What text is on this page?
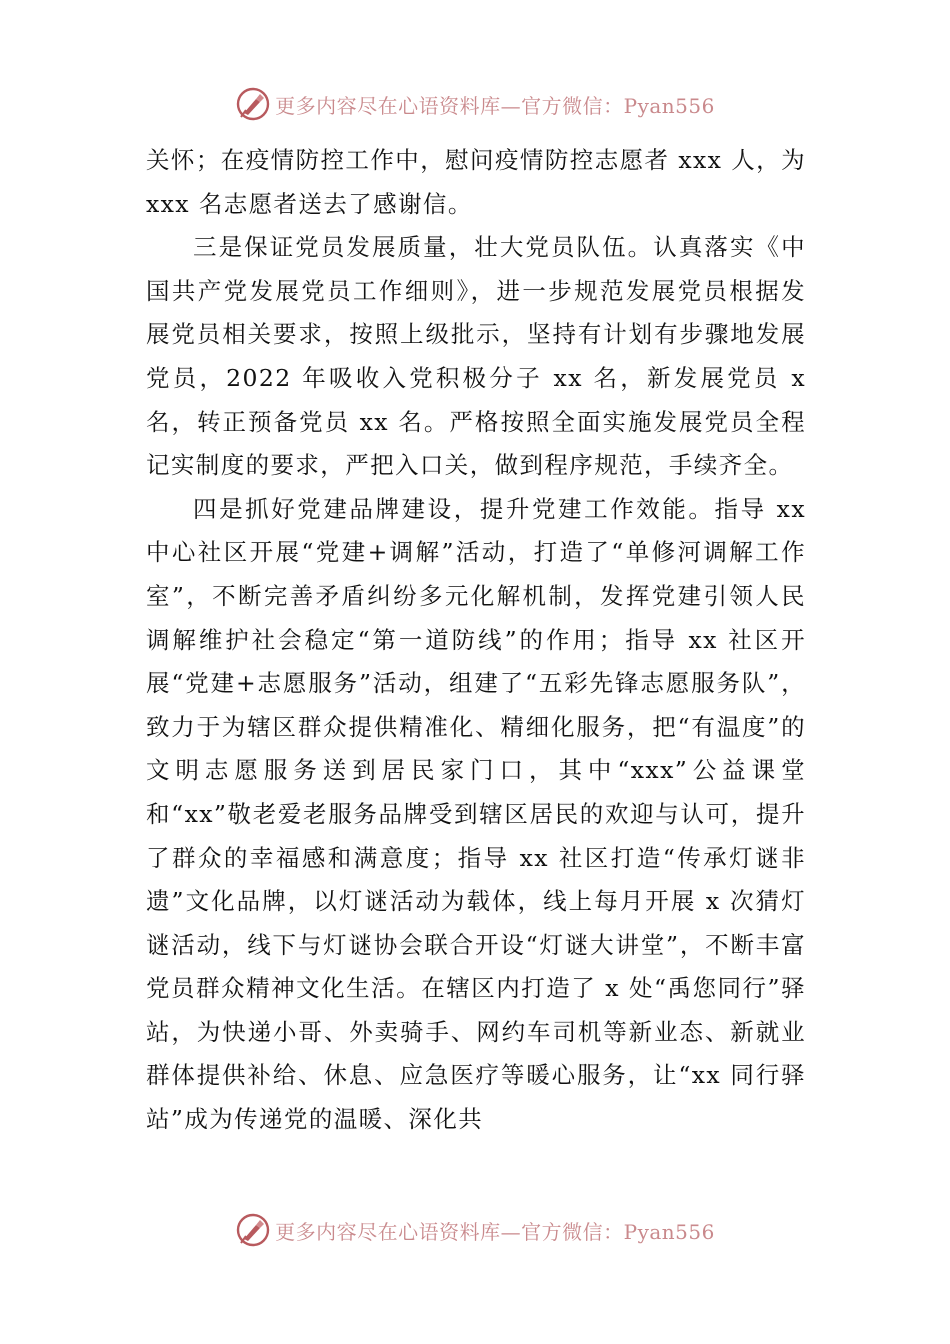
更多内容尽在心语资料库—官方微信：Pyan556

关怀；在疫情防控工作中，慰问疫情防控志愿者 xxx 人，为 xxx 名志愿者送去了感谢信。

三是保证党员发展质量，壮大党员队伍。认真落实《中国共产党发展党员工作细则》，进一步规范发展党员根据发展党员相关要求，按照上级批示，坚持有计划有步骤地发展党员，2022 年吸收入党积极分子 xx 名，新发展党员 x 名，转正预备党员 xx 名。严格按照全面实施发展党员全程记实制度的要求，严把入口关，做到程序规范，手续齐全。

四是抓好党建品牌建设，提升党建工作效能。指导 xx 中心社区开展“党建+调解”活动，打造了“单修河调解工作室”，不断完善矛盾纠纷多元化解机制，发挥党建引领人民调解维护社会稳定“第一道防线”的作用；指导 xx 社区开展“党建+志愿服务”活动，组建了“五彩先锋志愿服务队”，致力于为辖区群众提供精准化、精细化服务，把“有温度”的文明志愿服务送到居民家门口，其中“xxx”公益课堂和“xx”敬老爱老服务品牌受到辖区居民的欢迎与认可，提升了群众的幸福感和满意度；指导 xx 社区打造“传承灯谜非遗”文化品牌，以灯谜活动为载体，线上每月开展 x 次猜灯谜活动，线下与灯谜协会联合开设“灯谜大讲堂”，不断丰富党员群众精神文化生活。在辖区内打造了 x 处“禹您同行”驿站，为快递小哥、外卖骑手、网约车司机等新业态、新就业群体提供补给、休息、应急医疗等暖心服务，让“xx 同行驿站”成为传递党的温暖、深化共

更多内容尽在心语资料库—官方微信：Pyan556
